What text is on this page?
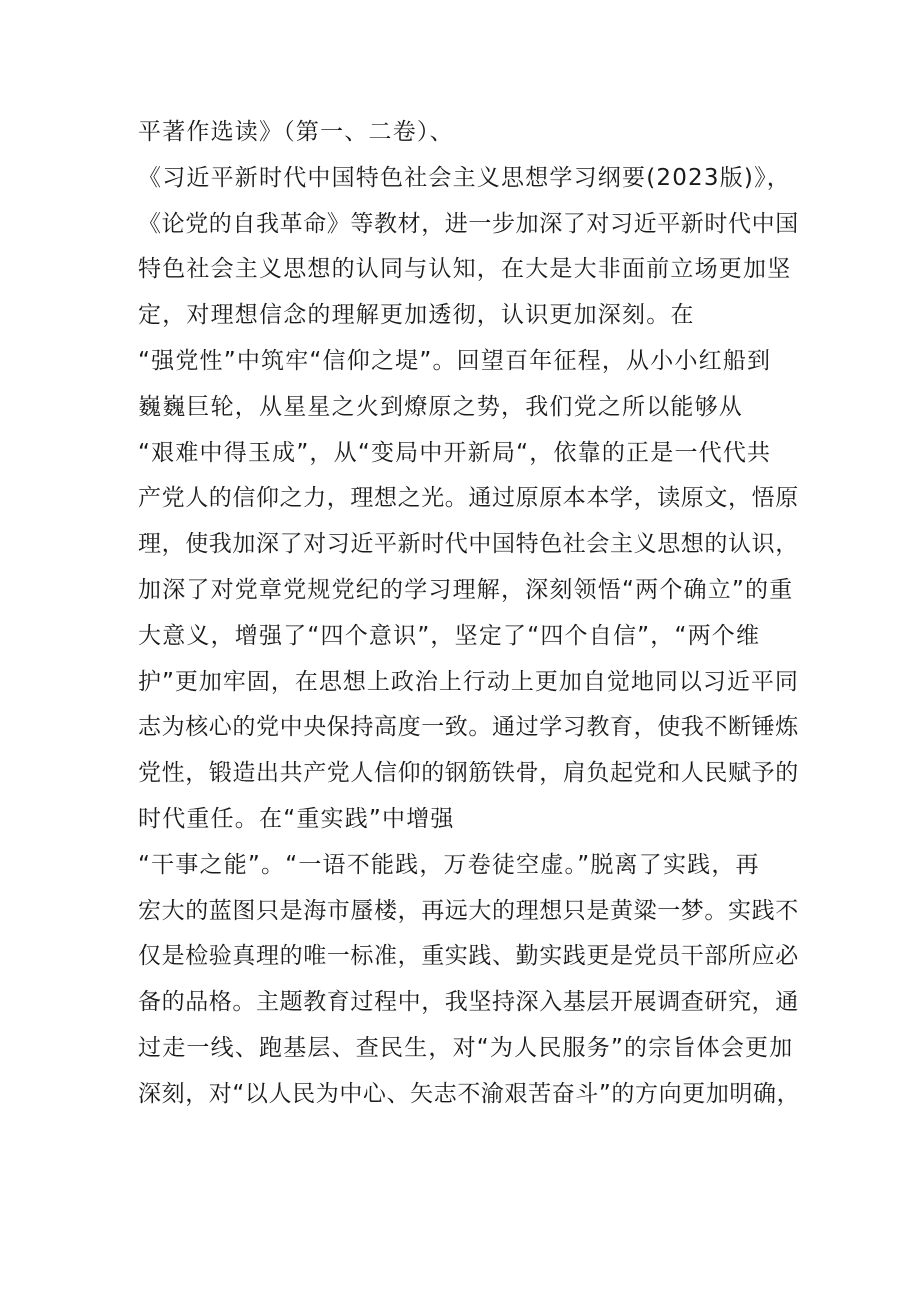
平著作选读》（第一、二卷）、
《习近平新时代中国特色社会主义思想学习纲要(2023版)》，
《论党的自我革命》等教材，进一步加深了对习近平新时代中国
特色社会主义思想的认同与认知，在大是大非面前立场更加坚
定，对理想信念的理解更加透彻，认识更加深刻。在
“强党性”中筑牢“信仰之堤”。回望百年征程，从小小红船到
巍巍巨轮，从星星之火到燎原之势，我们党之所以能够从
“艰难中得玉成”，从“变局中开新局“，依靠的正是一代代共
产党人的信仰之力，理想之光。通过原原本本学，读原文，悟原
理，使我加深了对习近平新时代中国特色社会主义思想的认识，
加深了对党章党规党纪的学习理解，深刻领悟“两个确立”的重
大意义，增强了“四个意识”，坚定了“四个自信”，“两个维
护”更加牢固，在思想上政治上行动上更加自觉地同以习近平同
志为核心的党中央保持高度一致。通过学习教育，使我不断锤炼
党性，锻造出共产党人信仰的钢筋铁骨，肩负起党和人民赋予的
时代重任。在“重实践”中增强
“干事之能”。“一语不能践，万卷徒空虚。”脱离了实践，再
宏大的蓝图只是海市蜃楼，再远大的理想只是黄粱一梦。实践不
仅是检验真理的唯一标准，重实践、勤实践更是党员干部所应必
备的品格。主题教育过程中，我坚持深入基层开展调查研究，通
过走一线、跑基层、查民生，对“为人民服务”的宗旨体会更加
深刻，对“以人民为中心、矢志不渝艰苦奋斗”的方向更加明确，
